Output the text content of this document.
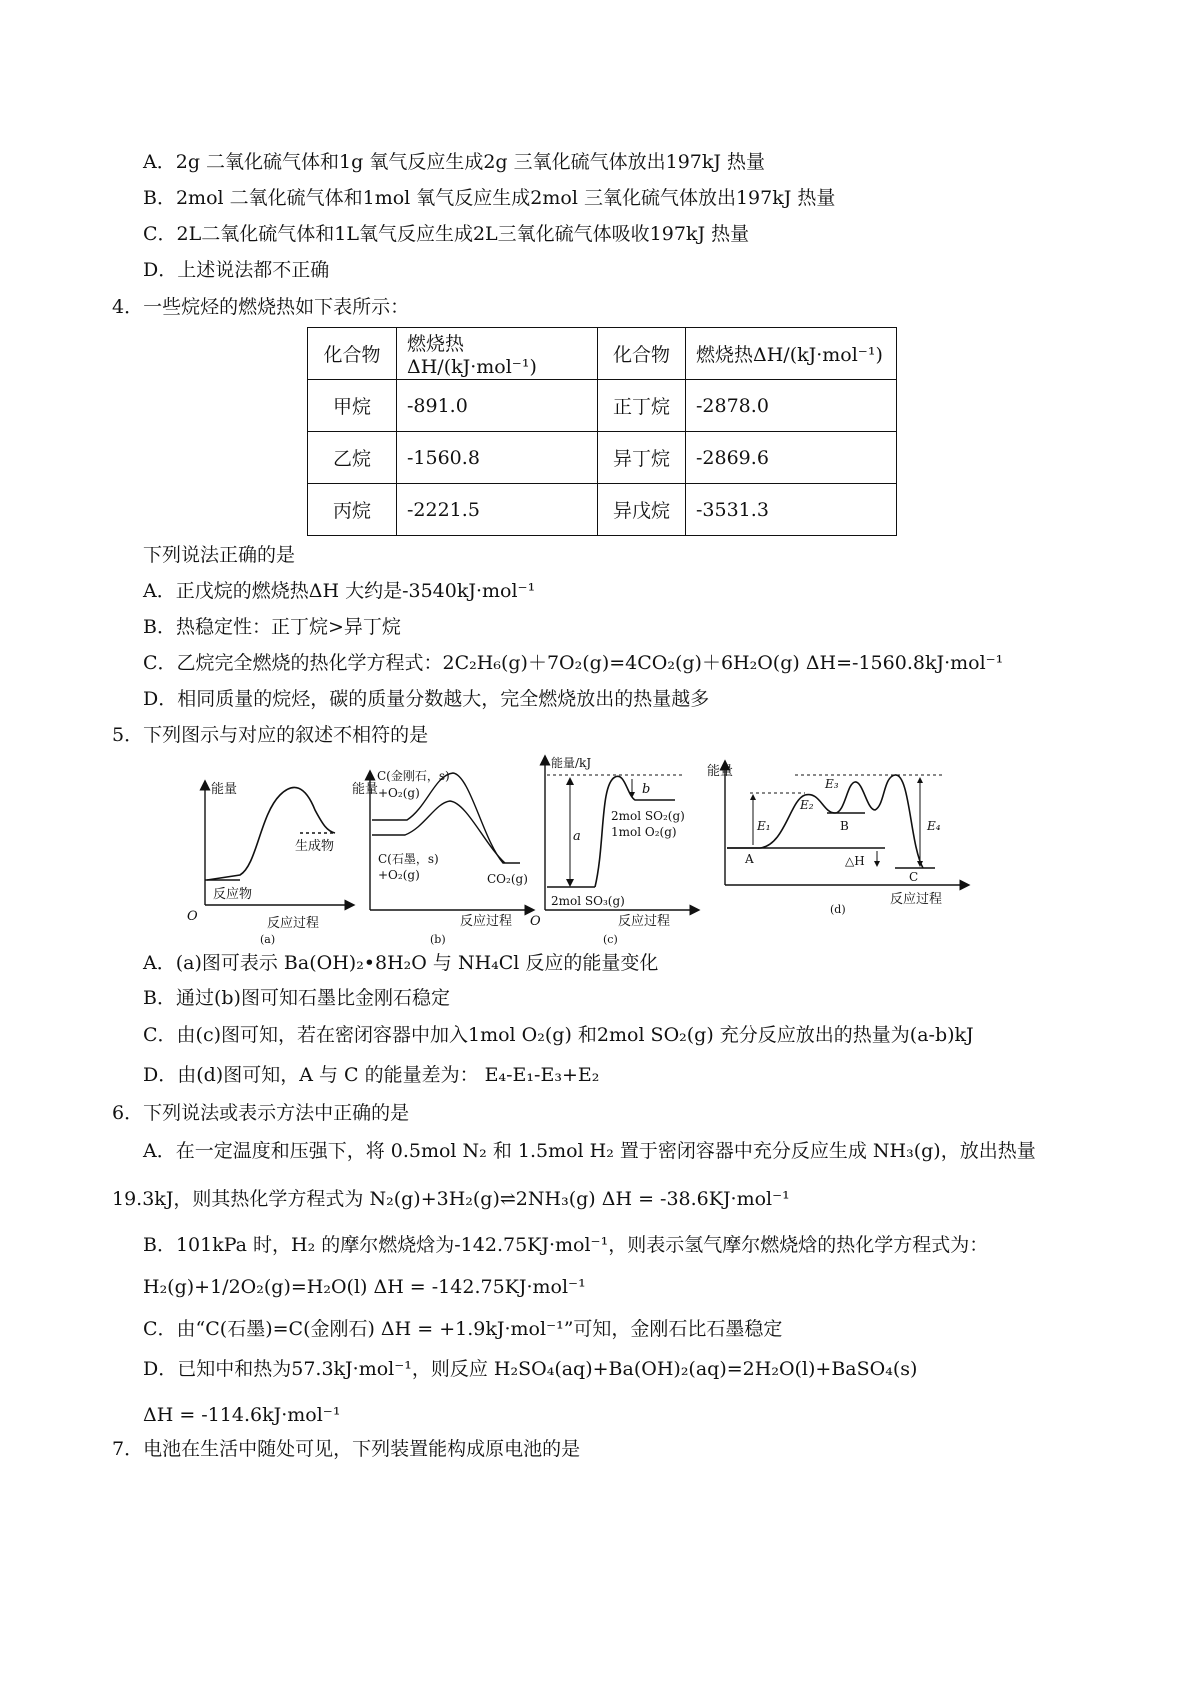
A．2g 二氧化硫气体和1g 氧气反应生成2g 三氧化硫气体放出197kJ 热量
B．2mol 二氧化硫气体和1mol 氧气反应生成2mol 三氧化硫气体放出197kJ 热量
C．2L二氧化硫气体和1L氧气反应生成2L三氧化硫气体吸收197kJ 热量
D．上述说法都不正确
4．一些烷烃的燃烧热如下表所示：
化合物	燃烧热ΔH/(kJ·mol⁻¹)	化合物	燃烧热ΔH/(kJ·mol⁻¹)
甲烷	-891.0	正丁烷	-2878.0
乙烷	-1560.8	异丁烷	-2869.6
丙烷	-2221.5	异戊烷	-3531.3
下列说法正确的是
A．正戊烷的燃烧热ΔH 大约是-3540kJ·mol⁻¹
B．热稳定性：正丁烷>异丁烷
C．乙烷完全燃烧的热化学方程式：2C₂H₆(g)＋7O₂(g)=4CO₂(g)＋6H₂O(g) ΔH=-1560.8kJ·mol⁻¹
D．相同质量的烷烃，碳的质量分数越大，完全燃烧放出的热量越多
5．下列图示与对应的叙述不相符的是
能量
O	反应过程
反应物
生成物
(a)
能量
C(金刚石，s)
+O₂(g)
C(石墨，s)
+O₂(g)	CO₂(g)
反应过程
(b)
能量/kJ
O
a
b
2mol SO₂(g)
1mol O₂(g)
2mol SO₃(g)
反应过程
(c)
能量
E₁
E₂
E₃
E₄
△H
A
B
C
反应过程
(d)
A．(a)图可表示 Ba(OH)₂•8H₂O 与 NH₄Cl 反应的能量变化
B．通过(b)图可知石墨比金刚石稳定
C．由(c)图可知，若在密闭容器中加入1mol O₂(g) 和2mol SO₂(g) 充分反应放出的热量为(a-b)kJ
D．由(d)图可知，A 与 C 的能量差为： E₄-E₁-E₃+E₂
6．下列说法或表示方法中正确的是
A．在一定温度和压强下，将 0.5mol N₂ 和 1.5mol H₂ 置于密闭容器中充分反应生成 NH₃(g)，放出热量
19.3kJ，则其热化学方程式为 N₂(g)+3H₂(g)⇌2NH₃(g) ΔH = -38.6KJ·mol⁻¹
B．101kPa 时，H₂ 的摩尔燃烧焓为-142.75KJ·mol⁻¹，则表示氢气摩尔燃烧焓的热化学方程式为：
H₂(g)+1/2O₂(g)=H₂O(l) ΔH = -142.75KJ·mol⁻¹
C．由“C(石墨)=C(金刚石) ΔH = +1.9kJ·mol⁻¹”可知，金刚石比石墨稳定
D．已知中和热为57.3kJ·mol⁻¹，则反应 H₂SO₄(aq)+Ba(OH)₂(aq)=2H₂O(l)+BaSO₄(s)
ΔH = -114.6kJ·mol⁻¹
7．电池在生活中随处可见，下列装置能构成原电池的是
